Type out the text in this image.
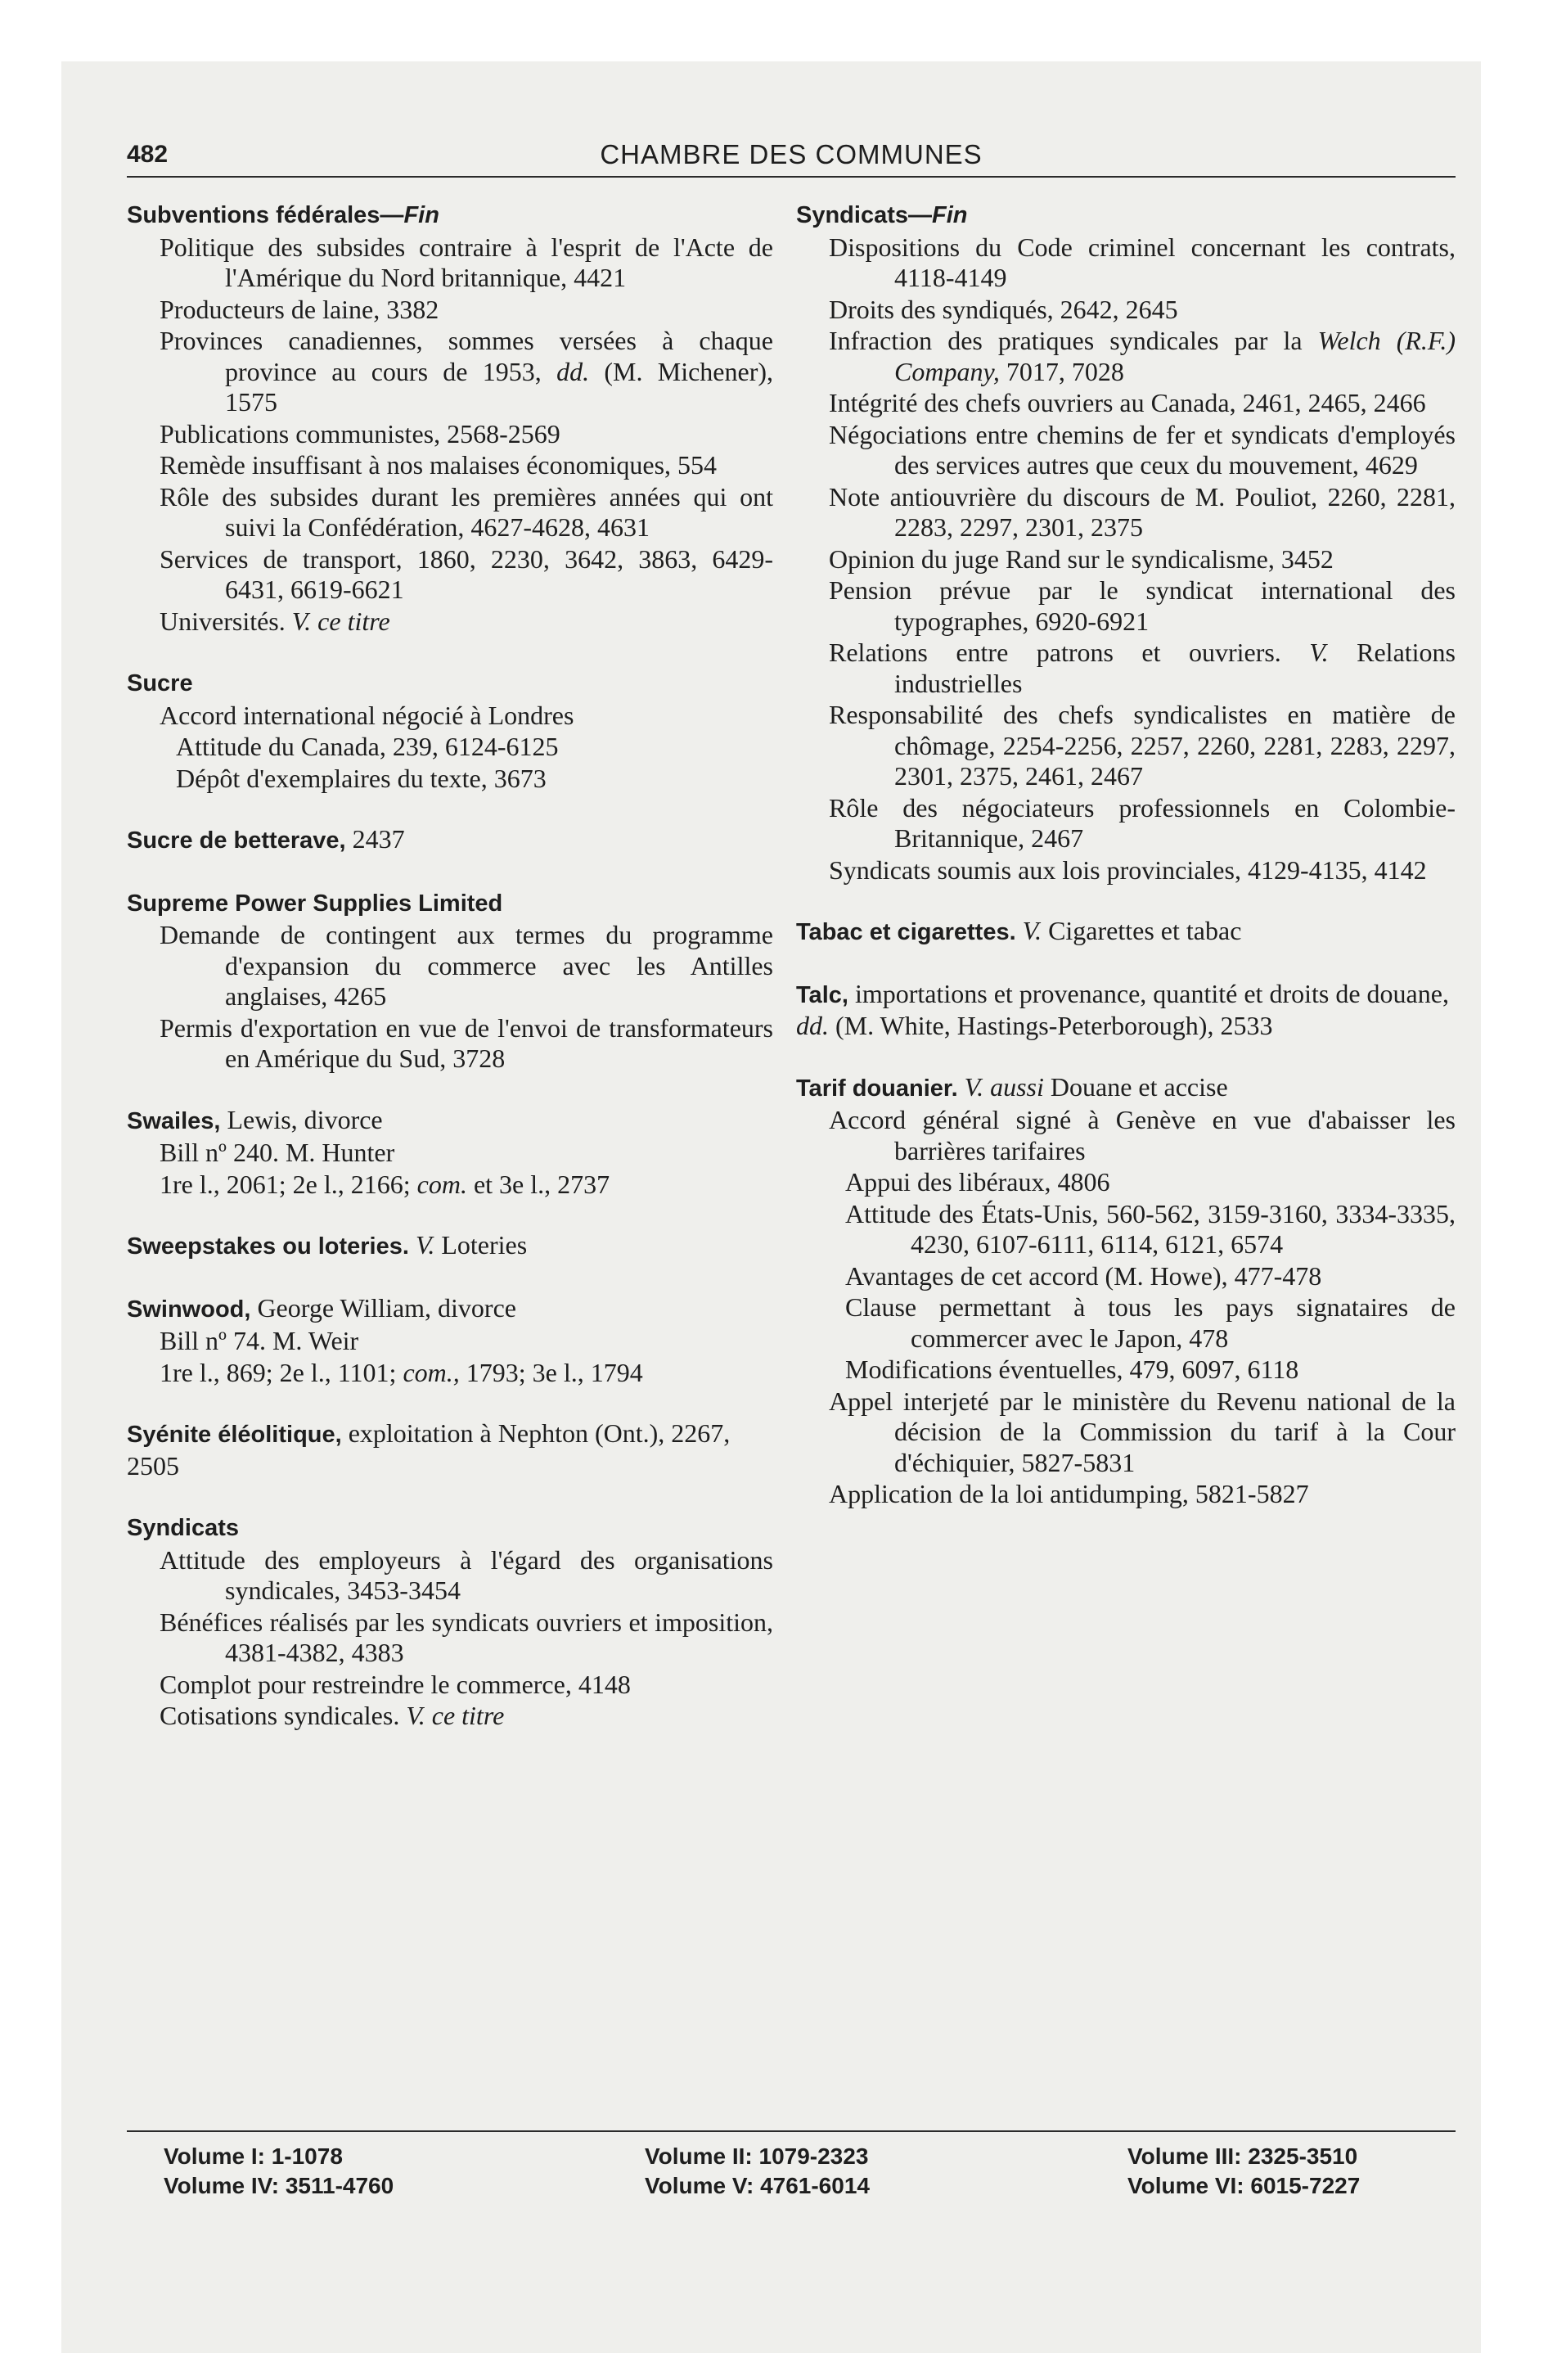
482	CHAMBRE DES COMMUNES
Subventions fédérales—Fin
Politique des subsides contraire à l'esprit de l'Acte de l'Amérique du Nord britannique, 4421
Producteurs de laine, 3382
Provinces canadiennes, sommes versées à chaque province au cours de 1953, dd. (M. Michener), 1575
Publications communistes, 2568-2569
Remède insuffisant à nos malaises économiques, 554
Rôle des subsides durant les premières années qui ont suivi la Confédération, 4627-4628, 4631
Services de transport, 1860, 2230, 3642, 3863, 6429-6431, 6619-6621
Universités. V. ce titre
Sucre
Accord international négocié à Londres
Attitude du Canada, 239, 6124-6125
Dépôt d'exemplaires du texte, 3673
Sucre de betterave, 2437
Supreme Power Supplies Limited
Demande de contingent aux termes du programme d'expansion du commerce avec les Antilles anglaises, 4265
Permis d'exportation en vue de l'envoi de transformateurs en Amérique du Sud, 3728
Swailes, Lewis, divorce
Bill nº 240. M. Hunter
1re l., 2061; 2e l., 2166; com. et 3e l., 2737
Sweepstakes ou loteries. V. Loteries
Swinwood, George William, divorce
Bill nº 74. M. Weir
1re l., 869; 2e l., 1101; com., 1793; 3e l., 1794
Syénite éléolitique, exploitation à Nephton (Ont.), 2267, 2505
Syndicats
Attitude des employeurs à l'égard des organisations syndicales, 3453-3454
Bénéfices réalisés par les syndicats ouvriers et imposition, 4381-4382, 4383
Complot pour restreindre le commerce, 4148
Cotisations syndicales. V. ce titre
Syndicats—Fin
Dispositions du Code criminel concernant les contrats, 4118-4149
Droits des syndiqués, 2642, 2645
Infraction des pratiques syndicales par la Welch (R.F.) Company, 7017, 7028
Intégrité des chefs ouvriers au Canada, 2461, 2465, 2466
Négociations entre chemins de fer et syndicats d'employés des services autres que ceux du mouvement, 4629
Note antiouvrière du discours de M. Pouliot, 2260, 2281, 2283, 2297, 2301, 2375
Opinion du juge Rand sur le syndicalisme, 3452
Pension prévue par le syndicat international des typographes, 6920-6921
Relations entre patrons et ouvriers. V. Relations industrielles
Responsabilité des chefs syndicalistes en matière de chômage, 2254-2256, 2257, 2260, 2281, 2283, 2297, 2301, 2375, 2461, 2467
Rôle des négociateurs professionnels en Colombie-Britannique, 2467
Syndicats soumis aux lois provinciales, 4129-4135, 4142
Tabac et cigarettes. V. Cigarettes et tabac
Talc, importations et provenance, quantité et droits de douane, dd. (M. White, Hastings-Peterborough), 2533
Tarif douanier. V. aussi Douane et accise
Accord général signé à Genève en vue d'abaisser les barrières tarifaires
Appui des libéraux, 4806
Attitude des États-Unis, 560-562, 3159-3160, 3334-3335, 4230, 6107-6111, 6114, 6121, 6574
Avantages de cet accord (M. Howe), 477-478
Clause permettant à tous les pays signataires de commercer avec le Japon, 478
Modifications éventuelles, 479, 6097, 6118
Appel interjeté par le ministère du Revenu national de la décision de la Commission du tarif à la Cour d'échiquier, 5827-5831
Application de la loi antidumping, 5821-5827
Volume I: 1-1078	Volume II: 1079-2323	Volume III: 2325-3510
Volume IV: 3511-4760	Volume V: 4761-6014	Volume VI: 6015-7227
